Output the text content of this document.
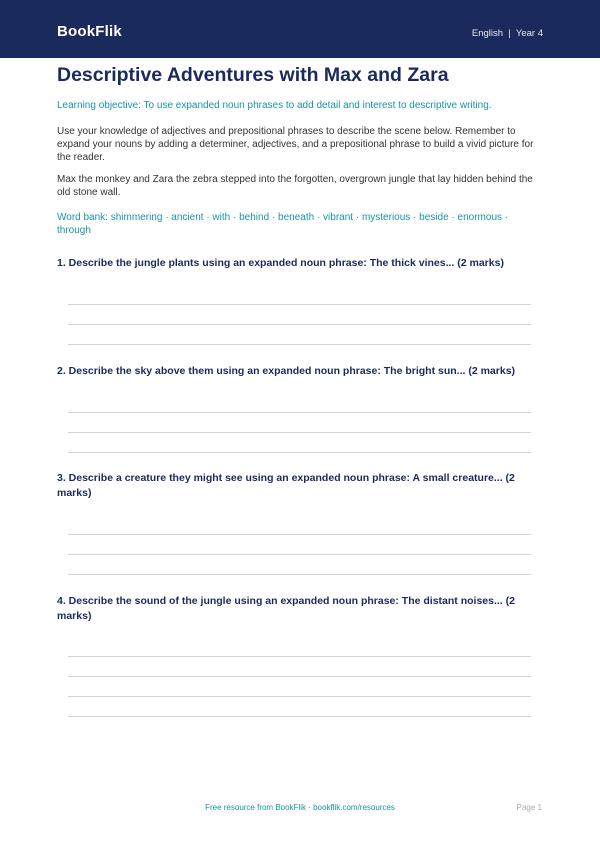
BookFlik	English  |  Year 4
Descriptive Adventures with Max and Zara
Learning objective: To use expanded noun phrases to add detail and interest to descriptive writing.
Use your knowledge of adjectives and prepositional phrases to describe the scene below. Remember to expand your nouns by adding a determiner, adjectives, and a prepositional phrase to build a vivid picture for the reader.
Max the monkey and Zara the zebra stepped into the forgotten, overgrown jungle that lay hidden behind the old stone wall.
Word bank: shimmering · ancient · with · behind · beneath · vibrant · mysterious · beside · enormous · through
1. Describe the jungle plants using an expanded noun phrase: The thick vines... (2 marks)
2. Describe the sky above them using an expanded noun phrase: The bright sun... (2 marks)
3. Describe a creature they might see using an expanded noun phrase: A small creature... (2 marks)
4. Describe the sound of the jungle using an expanded noun phrase: The distant noises... (2 marks)
Free resource from BookFlik · bookflik.com/resources	Page 1
